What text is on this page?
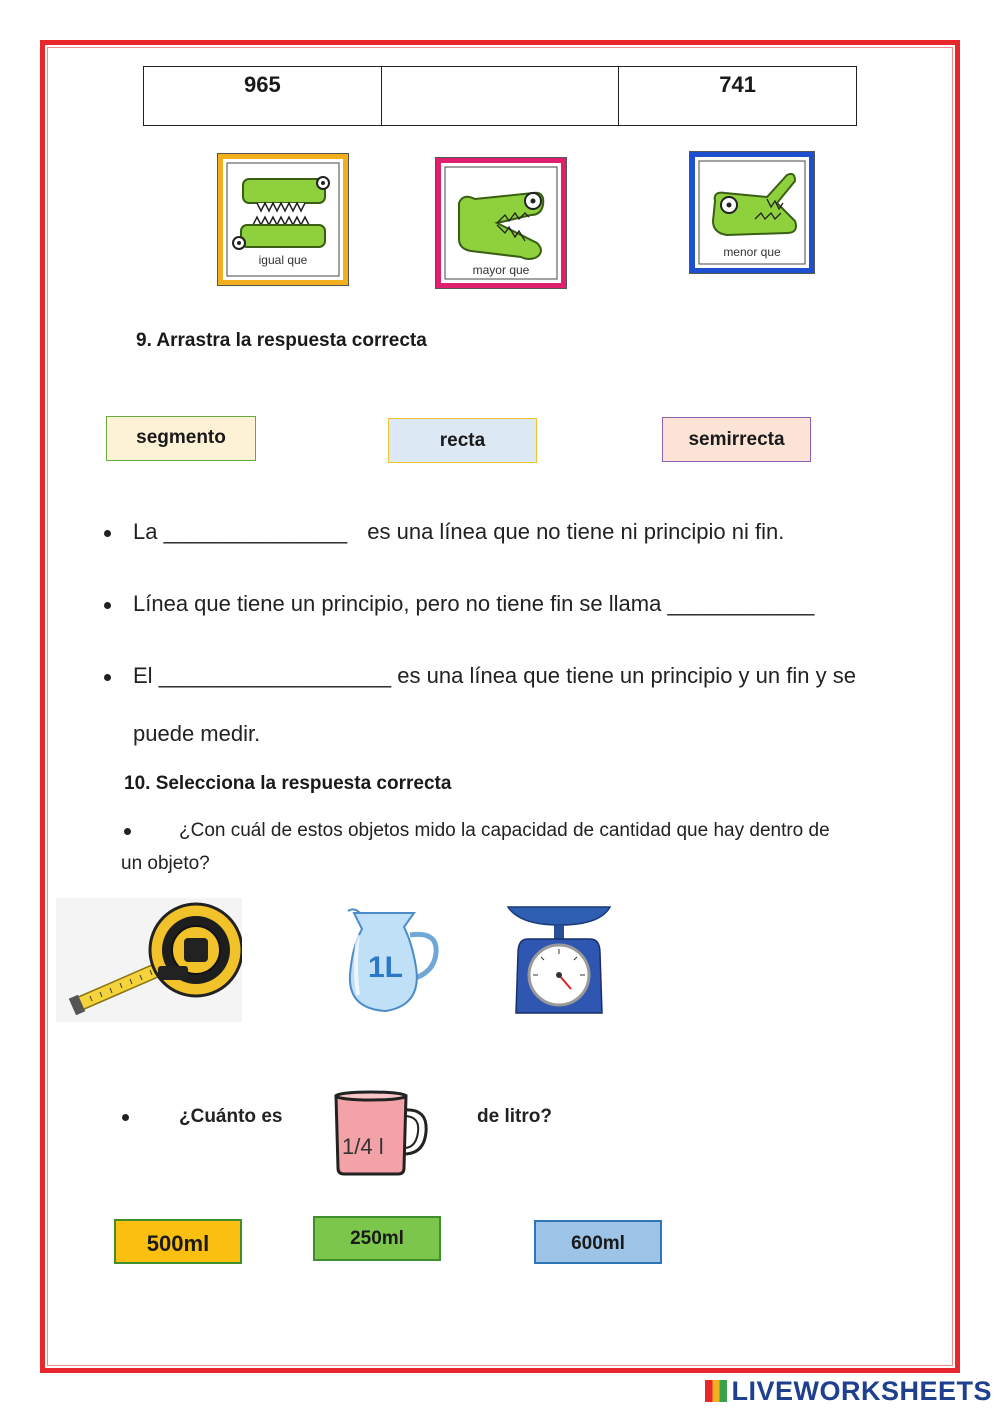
965		741
igual que
mayor que
menor que
9. Arrastra la respuesta correcta
segmento	recta	semirrecta
La _______________ es una línea que no tiene ni principio ni fin.
Línea que tiene un principio, pero no tiene fin se llama ____________
El ___________________ es una línea que tiene un principio y un fin y se
puede medir.
10. Selecciona la respuesta correcta
¿Con cuál de estos objetos mido la capacidad de cantidad que hay dentro de
un objeto?
1L
¿Cuánto es
1/4 l
de litro?
500ml	250ml	600ml
LIVEWORKSHEETS
